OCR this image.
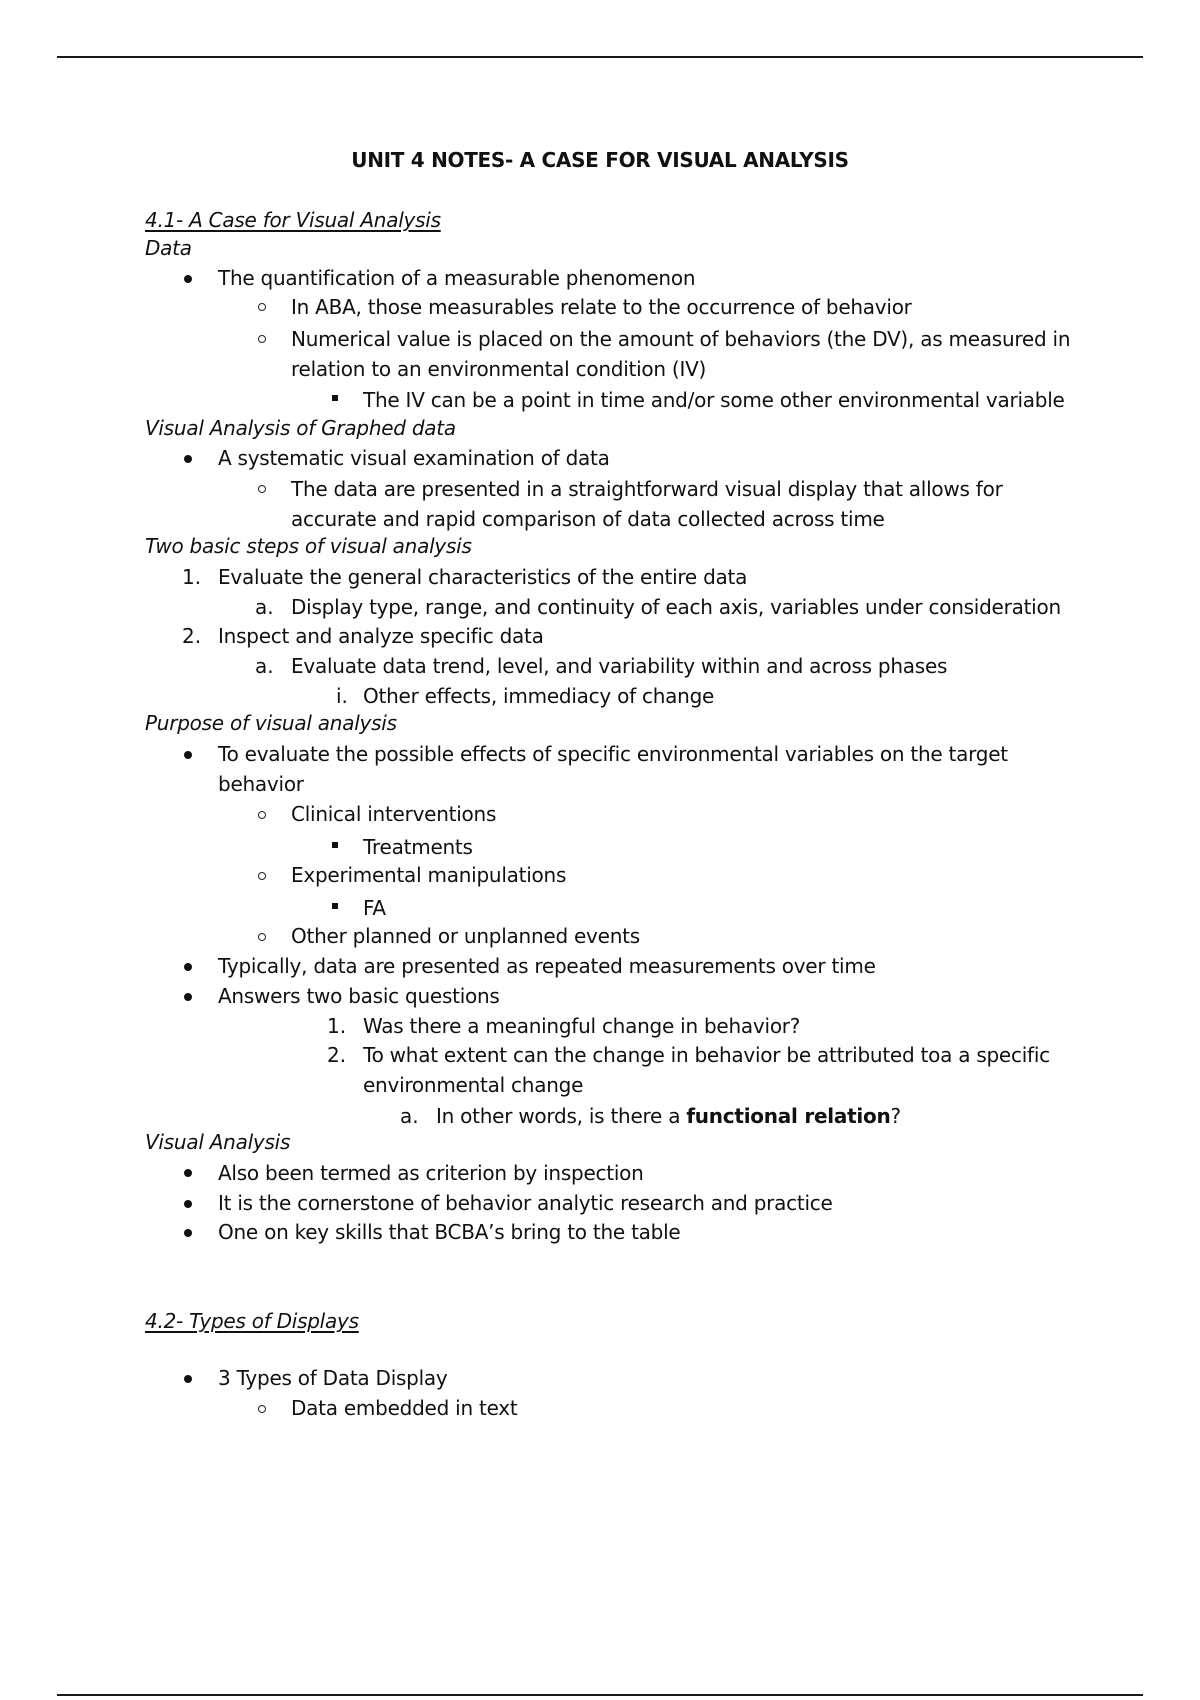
UNIT 4 NOTES- A CASE FOR VISUAL ANALYSIS
4.1- A Case for Visual Analysis
Data
The quantification of a measurable phenomenon
In ABA, those measurables relate to the occurrence of behavior
Numerical value is placed on the amount of behaviors (the DV), as measured in
relation to an environmental condition (IV)
The IV can be a point in time and/or some other environmental variable
Visual Analysis of Graphed data
A systematic visual examination of data
The data are presented in a straightforward visual display that allows for
accurate and rapid comparison of data collected across time
Two basic steps of visual analysis
1. Evaluate the general characteristics of the entire data
a. Display type, range, and continuity of each axis, variables under consideration
2. Inspect and analyze specific data
a. Evaluate data trend, level, and variability within and across phases
i. Other effects, immediacy of change
Purpose of visual analysis
To evaluate the possible effects of specific environmental variables on the target
behavior
Clinical interventions
Treatments
Experimental manipulations
FA
Other planned or unplanned events
Typically, data are presented as repeated measurements over time
Answers two basic questions
1. Was there a meaningful change in behavior?
2. To what extent can the change in behavior be attributed toa a specific
environmental change
a. In other words, is there a functional relation?
Visual Analysis
Also been termed as criterion by inspection
It is the cornerstone of behavior analytic research and practice
One on key skills that BCBA’s bring to the table
4.2- Types of Displays
3 Types of Data Display
Data embedded in text
